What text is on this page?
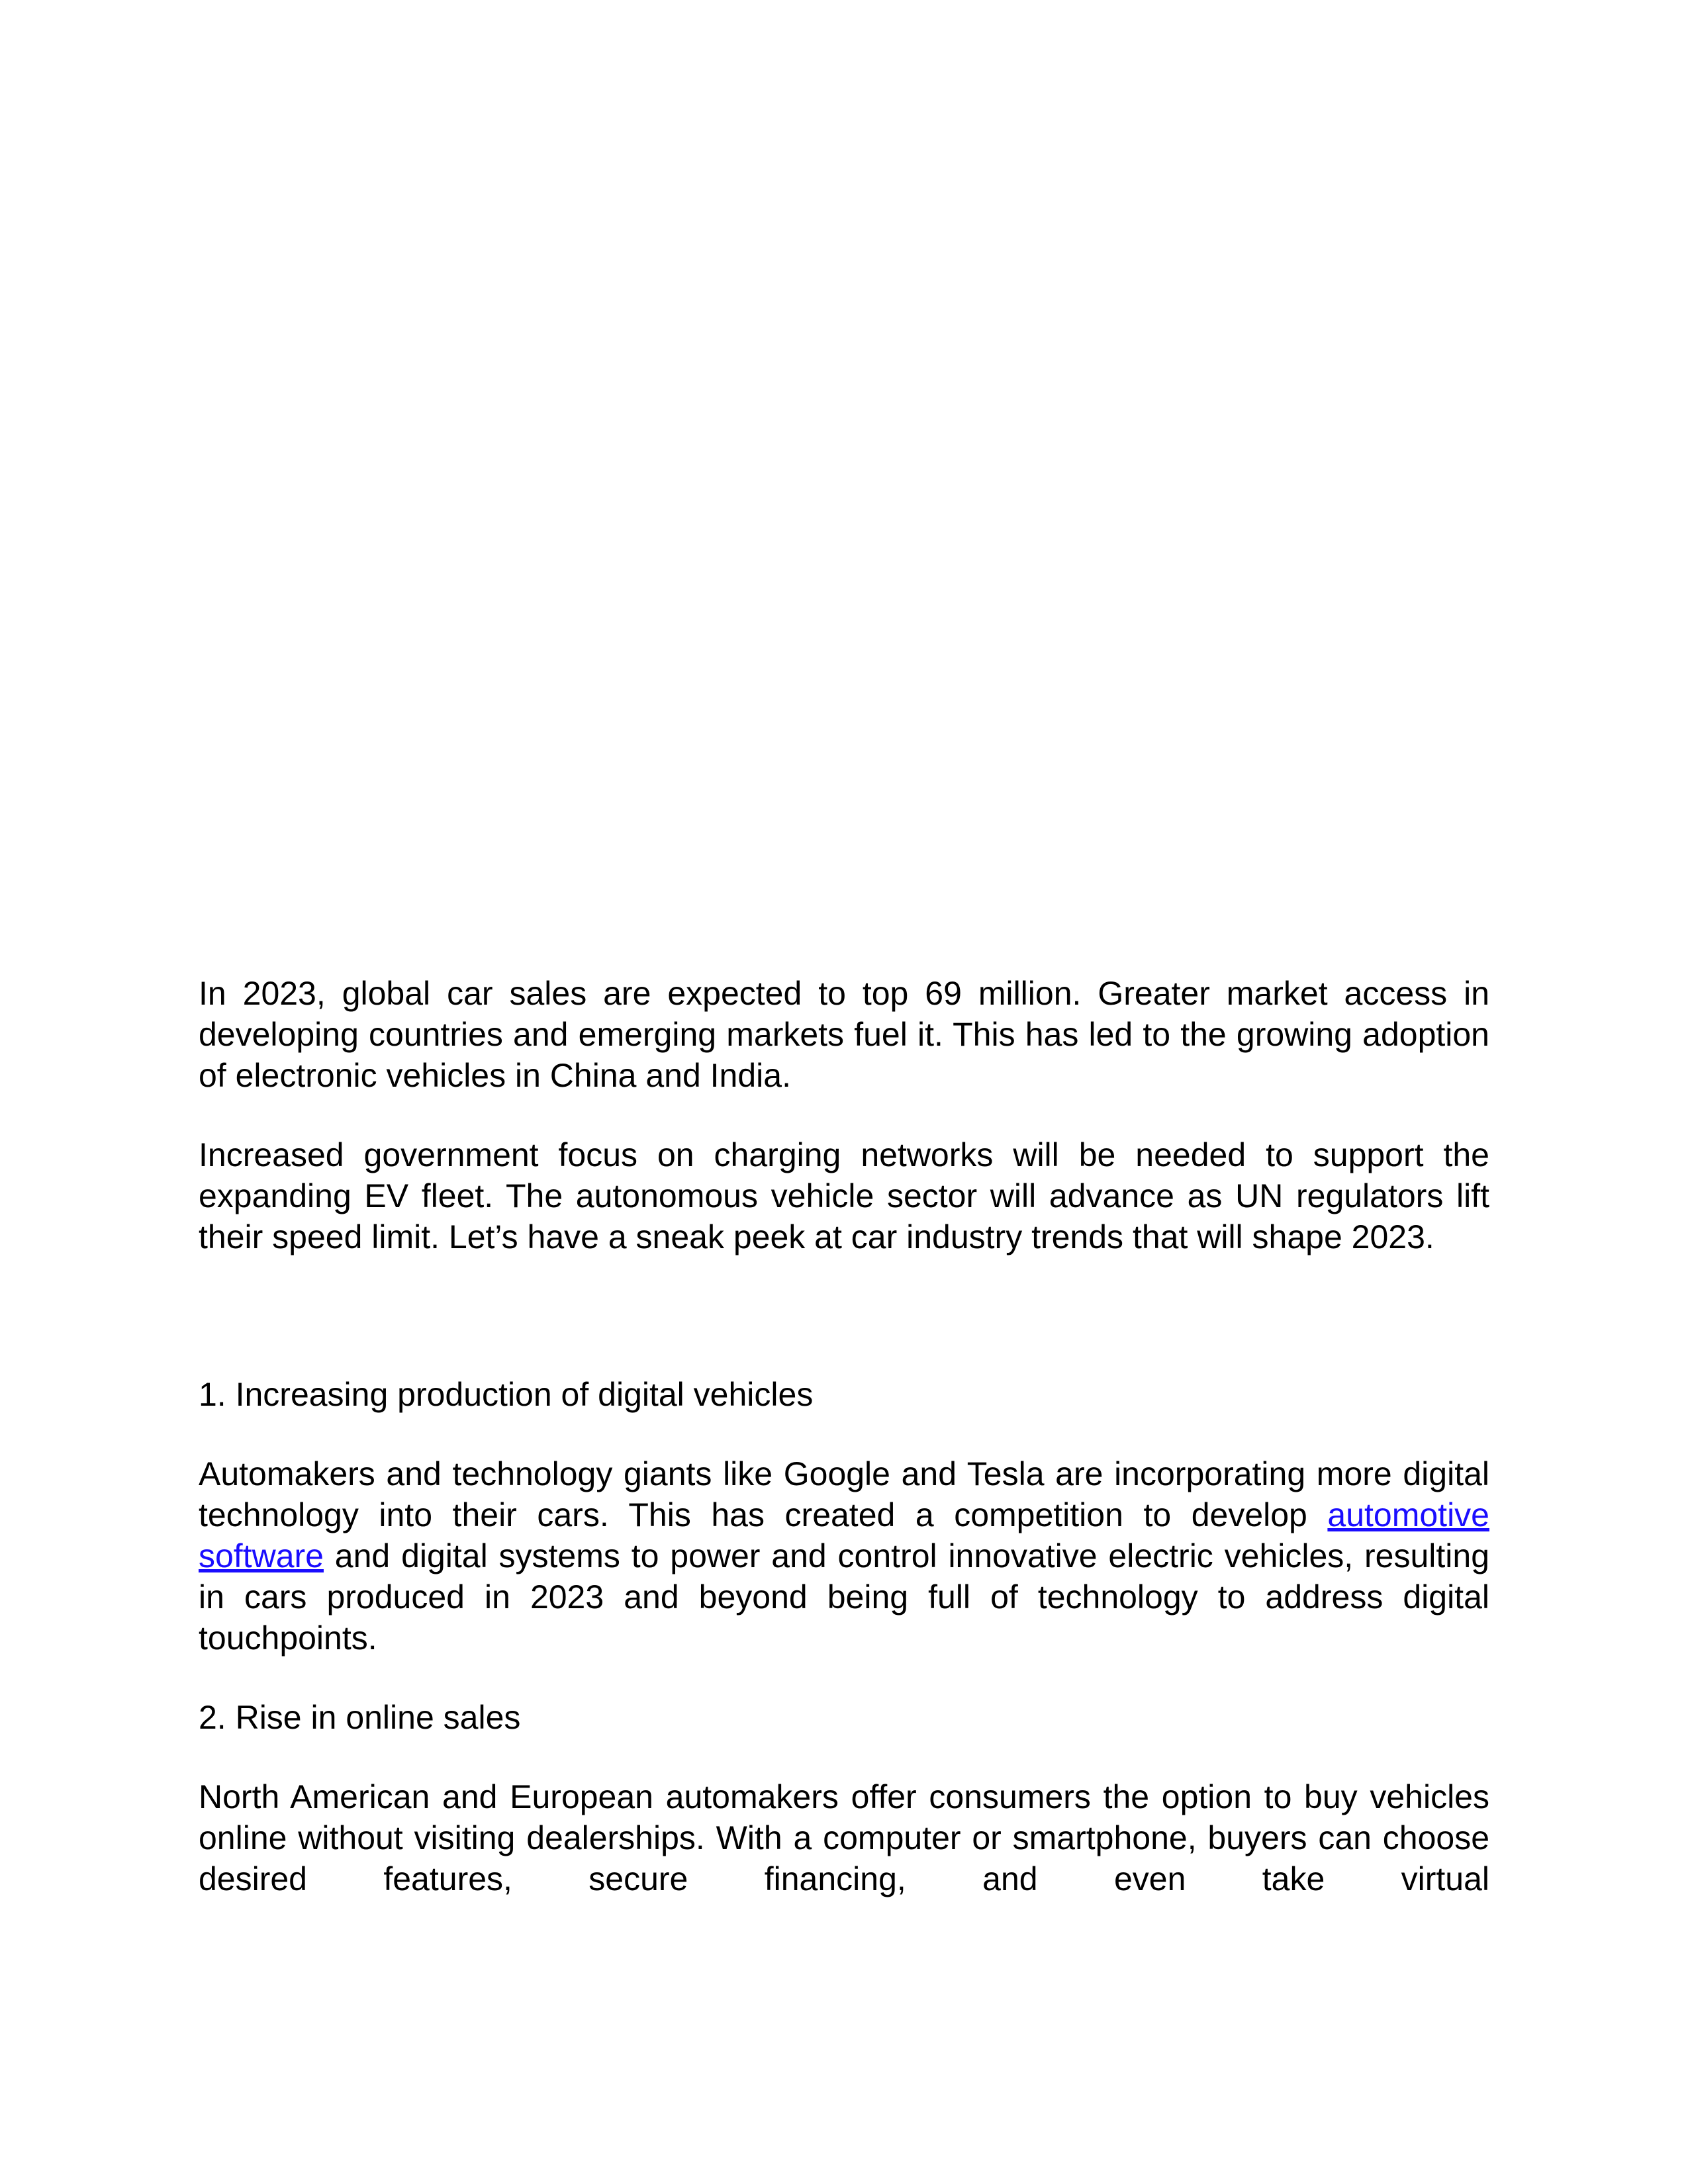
In 2023, global car sales are expected to top 69 million. Greater market access in developing countries and emerging markets fuel it. This has led to the growing adoption of electronic vehicles in China and India.

Increased government focus on charging networks will be needed to support the expanding EV fleet. The autonomous vehicle sector will advance as UN regulators lift their speed limit. Let’s have a sneak peek at car industry trends that will shape 2023.

1. Increasing production of digital vehicles

Automakers and technology giants like Google and Tesla are incorporating more digital technology into their cars. This has created a competition to develop automotive software and digital systems to power and control innovative electric vehicles, resulting in cars produced in 2023 and beyond being full of technology to address digital touchpoints.

2. Rise in online sales

North American and European automakers offer consumers the option to buy vehicles online without visiting dealerships. With a computer or smartphone, buyers can choose desired features, secure financing, and even take virtual
